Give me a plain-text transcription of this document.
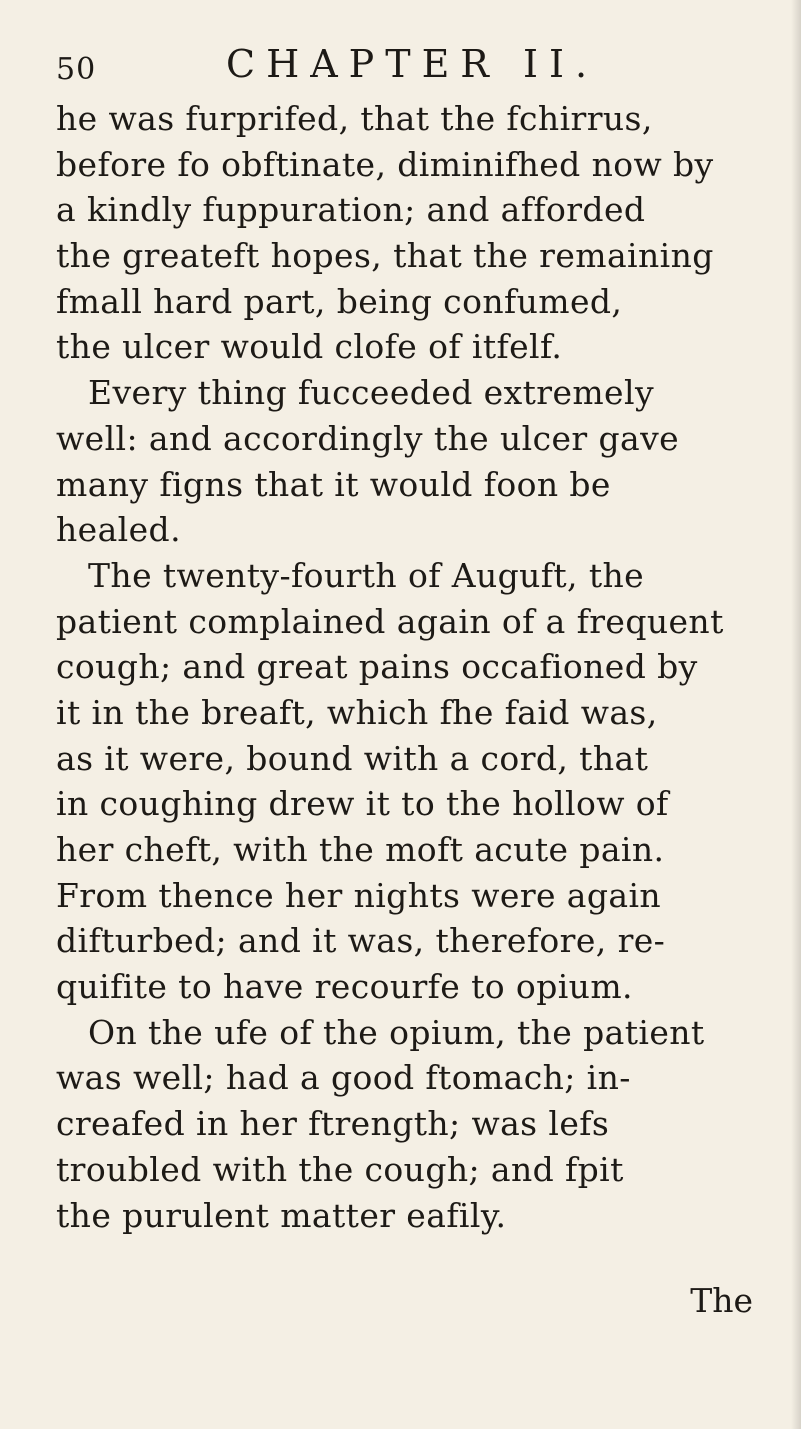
50	CHAPTER II.
he was furprifed, that the fchirrus,
before fo obftinate, diminifhed now by
a kindly fuppuration; and afforded
the greateft hopes, that the remaining
fmall hard part, being confumed,
the ulcer would clofe of itfelf.
Every thing fucceeded extremely
well: and accordingly the ulcer gave
many figns that it would foon be
healed.
The twenty-fourth of Auguft, the
patient complained again of a frequent
cough; and great pains occafioned by
it in the breaft, which fhe faid was,
as it were, bound with a cord, that
in coughing drew it to the hollow of
her cheft, with the moft acute pain.
From thence her nights were again
difturbed; and it was, therefore, re-
quifite to have recourfe to opium.
On the ufe of the opium, the patient
was well; had a good ftomach; in-
creafed in her ftrength; was lefs
troubled with the cough; and fpit
the purulent matter eafily.
The
